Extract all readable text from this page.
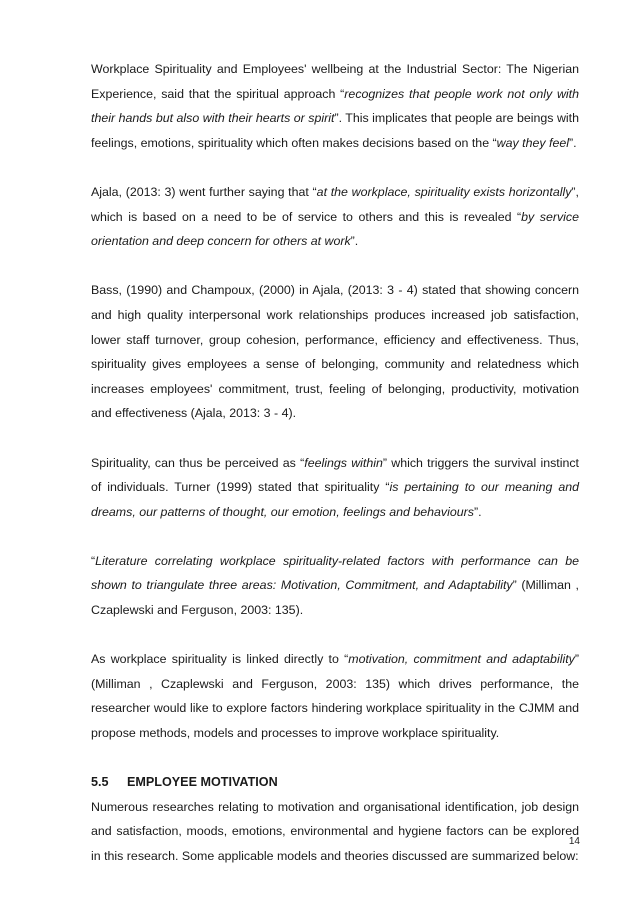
Workplace Spirituality and Employees' wellbeing at the Industrial Sector: The Nigerian Experience, said that the spiritual approach “recognizes that people work not only with their hands but also with their hearts or spirit”. This implicates that people are beings with feelings, emotions, spirituality which often makes decisions based on the “way they feel”.

Ajala, (2013: 3) went further saying that “at the workplace, spirituality exists horizontally”, which is based on a need to be of service to others and this is revealed “by service orientation and deep concern for others at work”.

Bass, (1990) and Champoux, (2000) in Ajala, (2013: 3 - 4) stated that showing concern and high quality interpersonal work relationships produces increased job satisfaction, lower staff turnover, group cohesion, performance, efficiency and effectiveness. Thus, spirituality gives employees a sense of belonging, community and relatedness which increases employees' commitment, trust, feeling of belonging, productivity, motivation and effectiveness (Ajala, 2013: 3 - 4).

Spirituality, can thus be perceived as “feelings within” which triggers the survival instinct of individuals. Turner (1999) stated that spirituality “is pertaining to our meaning and dreams, our patterns of thought, our emotion, feelings and behaviours”.

“Literature correlating workplace spirituality-related factors with performance can be shown to triangulate three areas: Motivation, Commitment, and Adaptability” (Milliman , Czaplewski and Ferguson, 2003: 135).

As workplace spirituality is linked directly to “motivation, commitment and adaptability” (Milliman , Czaplewski and Ferguson, 2003: 135) which drives performance, the researcher would like to explore factors hindering workplace spirituality in the CJMM and propose methods, models and processes to improve workplace spirituality.

5.5 EMPLOYEE MOTIVATION

Numerous researches relating to motivation and organisational identification, job design and satisfaction, moods, emotions, environmental and hygiene factors can be explored in this research. Some applicable models and theories discussed are summarized below:

14
